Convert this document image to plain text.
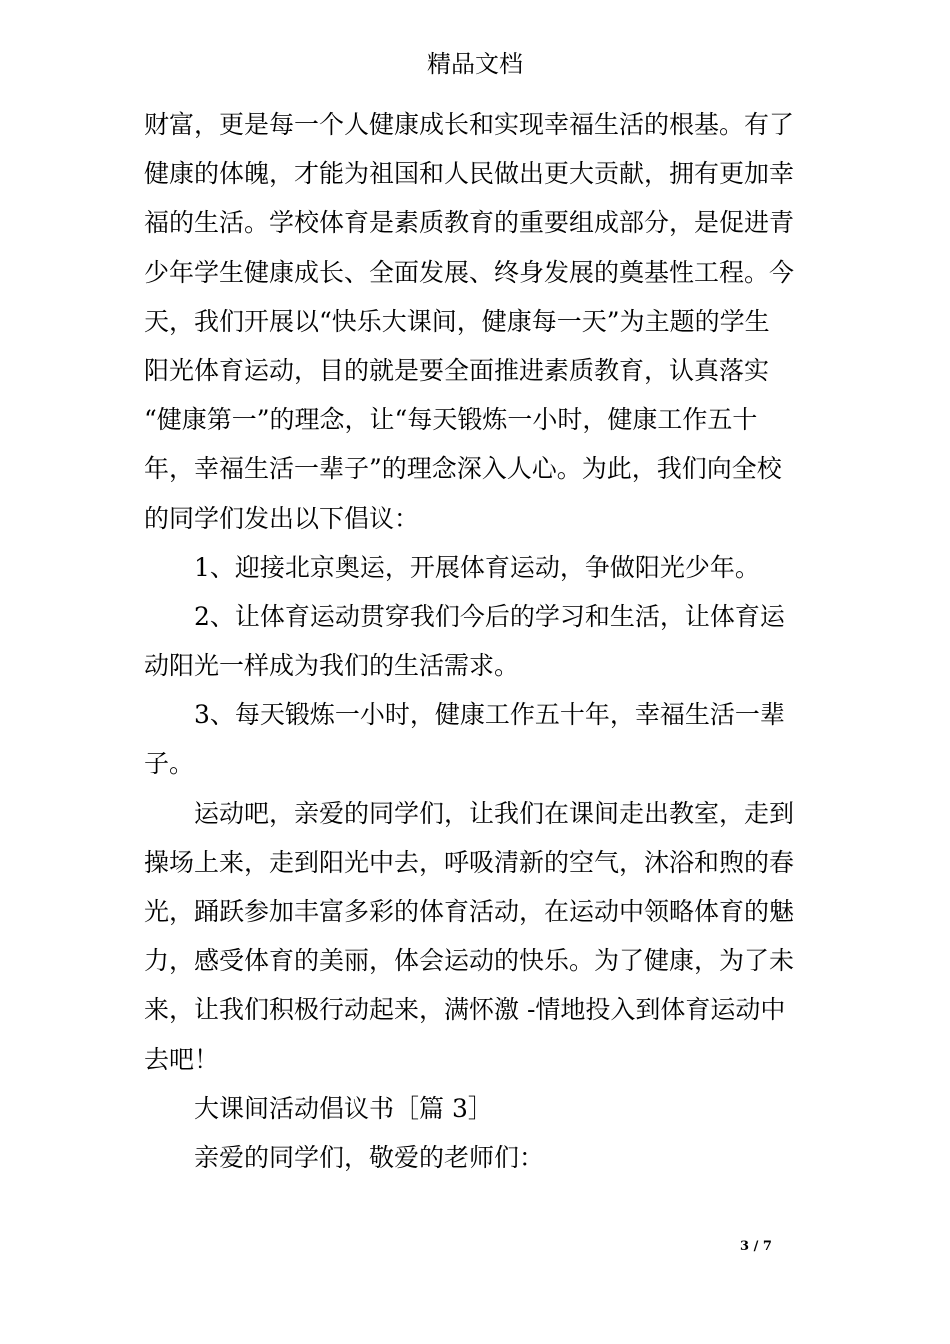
精品文档
财富，更是每一个人健康成长和实现幸福生活的根基。有了
健康的体魄，才能为祖国和人民做出更大贡献，拥有更加幸
福的生活。学校体育是素质教育的重要组成部分，是促进青
少年学生健康成长、全面发展、终身发展的奠基性工程。今
天，我们开展以“快乐大课间，健康每一天”为主题的学生
阳光体育运动，目的就是要全面推进素质教育，认真落实
“健康第一”的理念，让“每天锻炼一小时，健康工作五十
年，幸福生活一辈子”的理念深入人心。为此，我们向全校
的同学们发出以下倡议：
　　1、迎接北京奥运，开展体育运动，争做阳光少年。
　　2、让体育运动贯穿我们今后的学习和生活，让体育运
动阳光一样成为我们的生活需求。
　　3、每天锻炼一小时，健康工作五十年，幸福生活一辈
子。
　　运动吧，亲爱的同学们，让我们在课间走出教室，走到
操场上来，走到阳光中去，呼吸清新的空气，沐浴和煦的春
光，踊跃参加丰富多彩的体育活动，在运动中领略体育的魅
力，感受体育的美丽，体会运动的快乐。为了健康，为了未
来，让我们积极行动起来，满怀激 -情地投入到体育运动中
去吧！
　　大课间活动倡议书［篇 3］
　　亲爱的同学们，敬爱的老师们：
3 / 7
